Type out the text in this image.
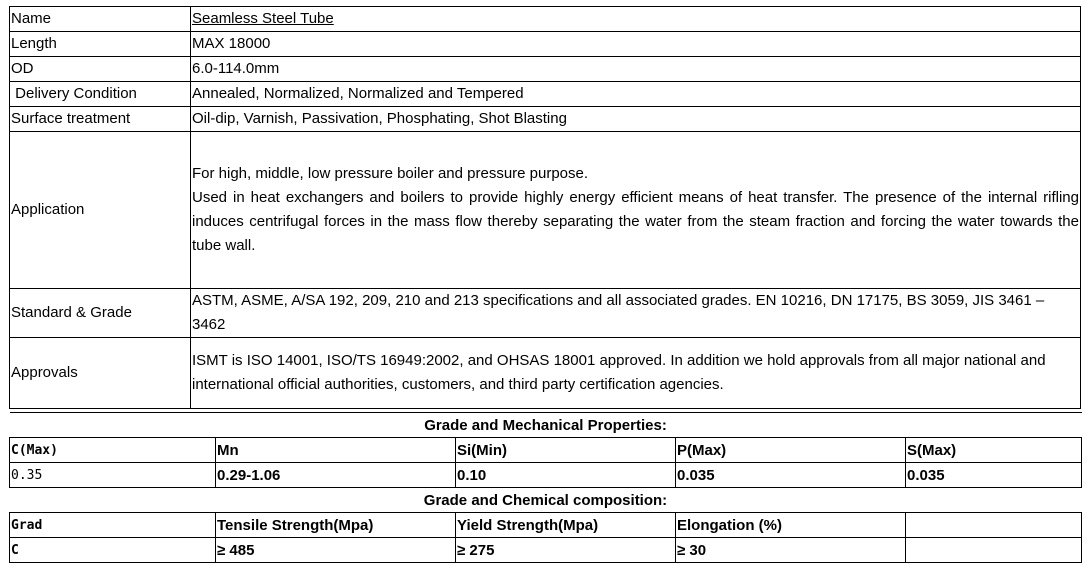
Name	Seamless Steel Tube
Length	MAX 18000
OD	6.0-114.0mm
Delivery Condition	Annealed, Normalized, Normalized and Tempered
Surface treatment	Oil-dip, Varnish, Passivation, Phosphating, Shot Blasting
Application	For high, middle, low pressure boiler and pressure purpose.
Used in heat exchangers and boilers to provide highly energy efficient means of heat transfer. The presence of the internal rifling induces centrifugal forces in the mass flow thereby separating the water from the steam fraction and forcing the water towards the tube wall.

Standard & Grade	ASTM, ASME, A/SA 192, 209, 210 and 213 specifications and all associated grades. EN 10216, DN 17175, BS 3059, JIS 3461 – 3462
Approvals	ISMT is ISO 14001, ISO/TS 16949:2002, and OHSAS 18001 approved. In addition we hold approvals from all major national and
international official authorities, customers, and third party certification agencies.
Grade and Mechanical Properties:				
C(Max)	Mn	Si(Min)	P(Max)	S(Max)
0.35	0.29-1.06	0.10	0.035	0.035
Grade and Chemical composition:				
Grad	Tensile Strength(Mpa)	Yield Strength(Mpa)	Elongation (%)	
C	≥ 485	≥ 275	≥ 30	
